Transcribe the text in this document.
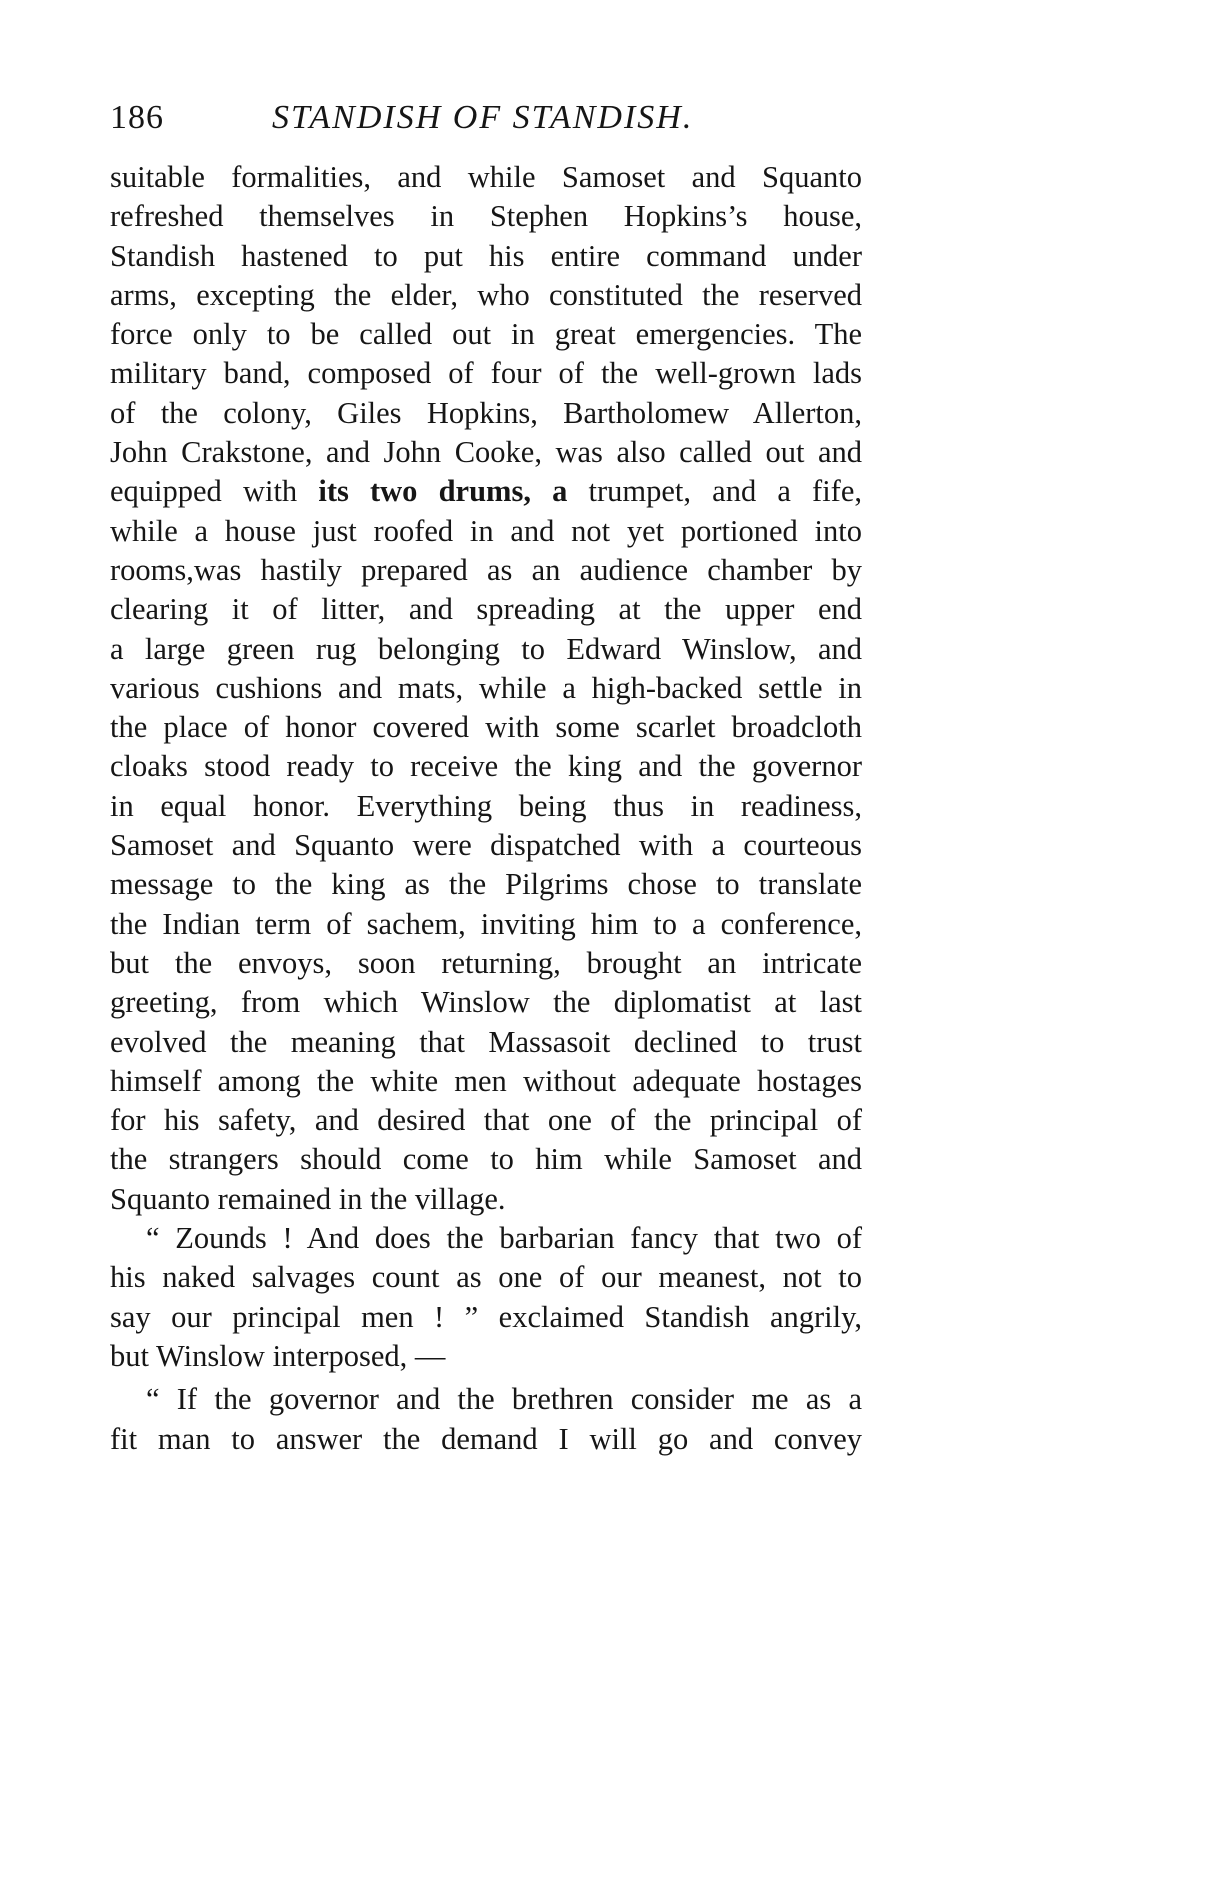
186	STANDISH OF STANDISH.
suitable formalities, and while Samoset and Squanto
refreshed themselves in Stephen Hopkins’s house,
Standish hastened to put his entire command under
arms, excepting the elder, who constituted the reserved
force only to be called out in great emergencies. The
military band, composed of four of the well-grown lads
of the colony, Giles Hopkins, Bartholomew Allerton,
John Crakstone, and John Cooke, was also called out and
equipped with its two drums, a trumpet, and a fife,
while a house just roofed in and not yet portioned into
rooms,was hastily prepared as an audience chamber by
clearing it of litter, and spreading at the upper end
a large green rug belonging to Edward Winslow, and
various cushions and mats, while a high-backed settle in
the place of honor covered with some scarlet broadcloth
cloaks stood ready to receive the king and the governor
in equal honor. Everything being thus in readiness,
Samoset and Squanto were dispatched with a courteous
message to the king as the Pilgrims chose to translate
the Indian term of sachem, inviting him to a conference,
but the envoys, soon returning, brought an intricate
greeting, from which Winslow the diplomatist at last
evolved the meaning that Massasoit declined to trust
himself among the white men without adequate hostages
for his safety, and desired that one of the principal of
the strangers should come to him while Samoset and
Squanto remained in the village.
“ Zounds ! And does the barbarian fancy that two of
his naked salvages count as one of our meanest, not to
say our principal men ! ” exclaimed Standish angrily,
but Winslow interposed, —
“ If the governor and the brethren consider me as a
fit man to answer the demand I will go and convey
